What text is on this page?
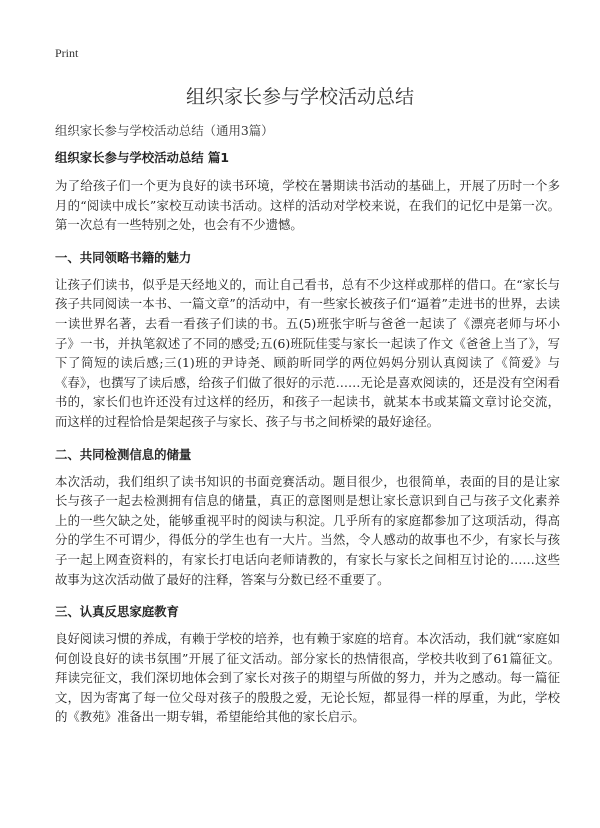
Print
组织家长参与学校活动总结
组织家长参与学校活动总结（通用3篇）
组织家长参与学校活动总结 篇1

为了给孩子们一个更为良好的读书环境，学校在暑期读书活动的基础上，开展了历时一个多月的“阅读中成长”家校互动读书活动。这样的活动对学校来说，在我们的记忆中是第一次。第一次总有一些特别之处，也会有不少遗憾。

一、共同领略书籍的魅力

让孩子们读书，似乎是天经地义的，而让自己看书，总有不少这样或那样的借口。在“家长与孩子共同阅读一本书、一篇文章”的活动中，有一些家长被孩子们“逼着”走进书的世界，去读一读世界名著，去看一看孩子们读的书。五(5)班张宇昕与爸爸一起读了《漂亮老师与坏小子》一书，并执笔叙述了不同的感受;五(6)班阮佳雯与家长一起读了作文《爸爸上当了》，写下了简短的读后感;三(1)班的尹诗尧、顾韵昕同学的两位妈妈分别认真阅读了《简爱》与《春》，也撰写了读后感，给孩子们做了很好的示范……无论是喜欢阅读的，还是没有空闲看书的，家长们也许还没有过这样的经历，和孩子一起读书，就某本书或某篇文章讨论交流，而这样的过程恰恰是架起孩子与家长、孩子与书之间桥梁的最好途径。

二、共同检测信息的储量

本次活动，我们组织了读书知识的书面竞赛活动。题目很少，也很简单，表面的目的是让家长与孩子一起去检测拥有信息的储量，真正的意图则是想让家长意识到自己与孩子文化素养上的一些欠缺之处，能够重视平时的阅读与积淀。几乎所有的家庭都参加了这项活动，得高分的学生不可谓少，得低分的学生也有一大片。当然，令人感动的故事也不少，有家长与孩子一起上网查资料的，有家长打电话向老师请教的，有家长与家长之间相互讨论的……这些故事为这次活动做了最好的注释，答案与分数已经不重要了。

三、认真反思家庭教育

良好阅读习惯的养成，有赖于学校的培养，也有赖于家庭的培育。本次活动，我们就“家庭如何创设良好的读书氛围”开展了征文活动。部分家长的热情很高，学校共收到了61篇征文。拜读完征文，我们深切地体会到了家长对孩子的期望与所做的努力，并为之感动。每一篇征文，因为寄寓了每一位父母对孩子的殷殷之爱，无论长短，都显得一样的厚重，为此，学校的《教苑》准备出一期专辑，希望能给其他的家长启示。
